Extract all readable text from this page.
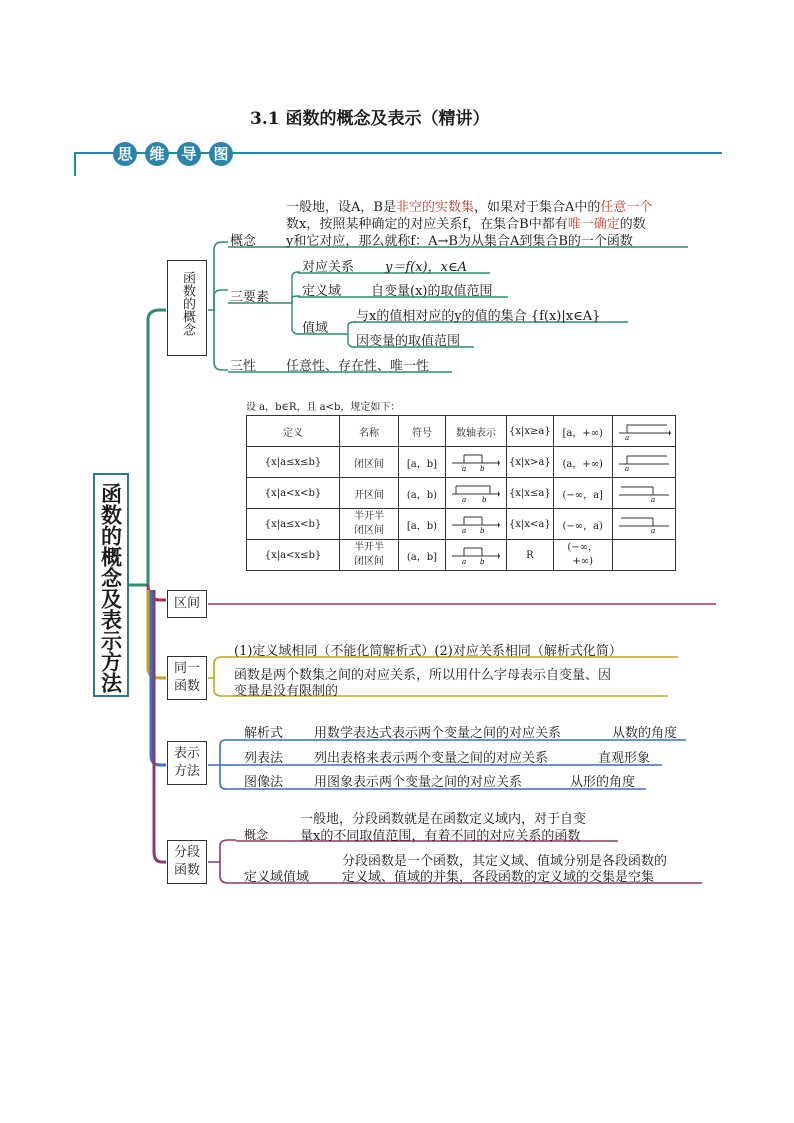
3.1 函数的概念及表示（精讲）
思	维	导	图
函数的概念及表示方法
函数的概念
概念
一般地，设A，B是非空的实数集，如果对于集合A中的任意一个
数x，按照某种确定的对应关系f，在集合B中都有唯一确定的数
y和它对应，那么就称f：A→B为从集合A到集合B的一个函数
三要素
对应关系 y＝f(x)，x∈A
定义域 自变量(x)的取值范围
值域
与x的值相对应的y的值的集合 {f(x)|x∈A}
因变量的取值范围
三性 任意性、存在性、唯一性
设 a，b∈R，且 a<b，规定如下：
定义	名称	符号	数轴表示	{x|x≥a}	[a，+∞)	a

{x|a≤x≤b}	闭区间	[a，b]	a b	{x|x>a}	(a，+∞)	a

{x|a<x<b}	开区间	(a，b)	a b	{x|x≤a}	(−∞，a]	a

{x|a≤x<b}	半开半闭区间	[a，b)	a b	{x|x<a}	(−∞，a)	a

{x|a<x≤b}	半开半闭区间	(a，b]	a b	R	(−∞，+∞)	
区间
同一函数
(1)定义域相同（不能化简解析式）(2)对应关系相同（解析式化简）
函数是两个数集之间的对应关系，所以用什么字母表示自变量、因
变量是没有限制的
表示方法
解析式 用数学表达式表示两个变量之间的对应关系	从数的角度
列表法 列出表格来表示两个变量之间的对应关系	直观形象
图像法 用图象表示两个变量之间的对应关系	从形的角度
分段函数
概念
一般地，分段函数就是在函数定义域内，对于自变
量x的不同取值范围，有着不同的对应关系的函数
定义域值域
分段函数是一个函数，其定义域、值域分别是各段函数的
定义域、值域的并集，各段函数的定义域的交集是空集
